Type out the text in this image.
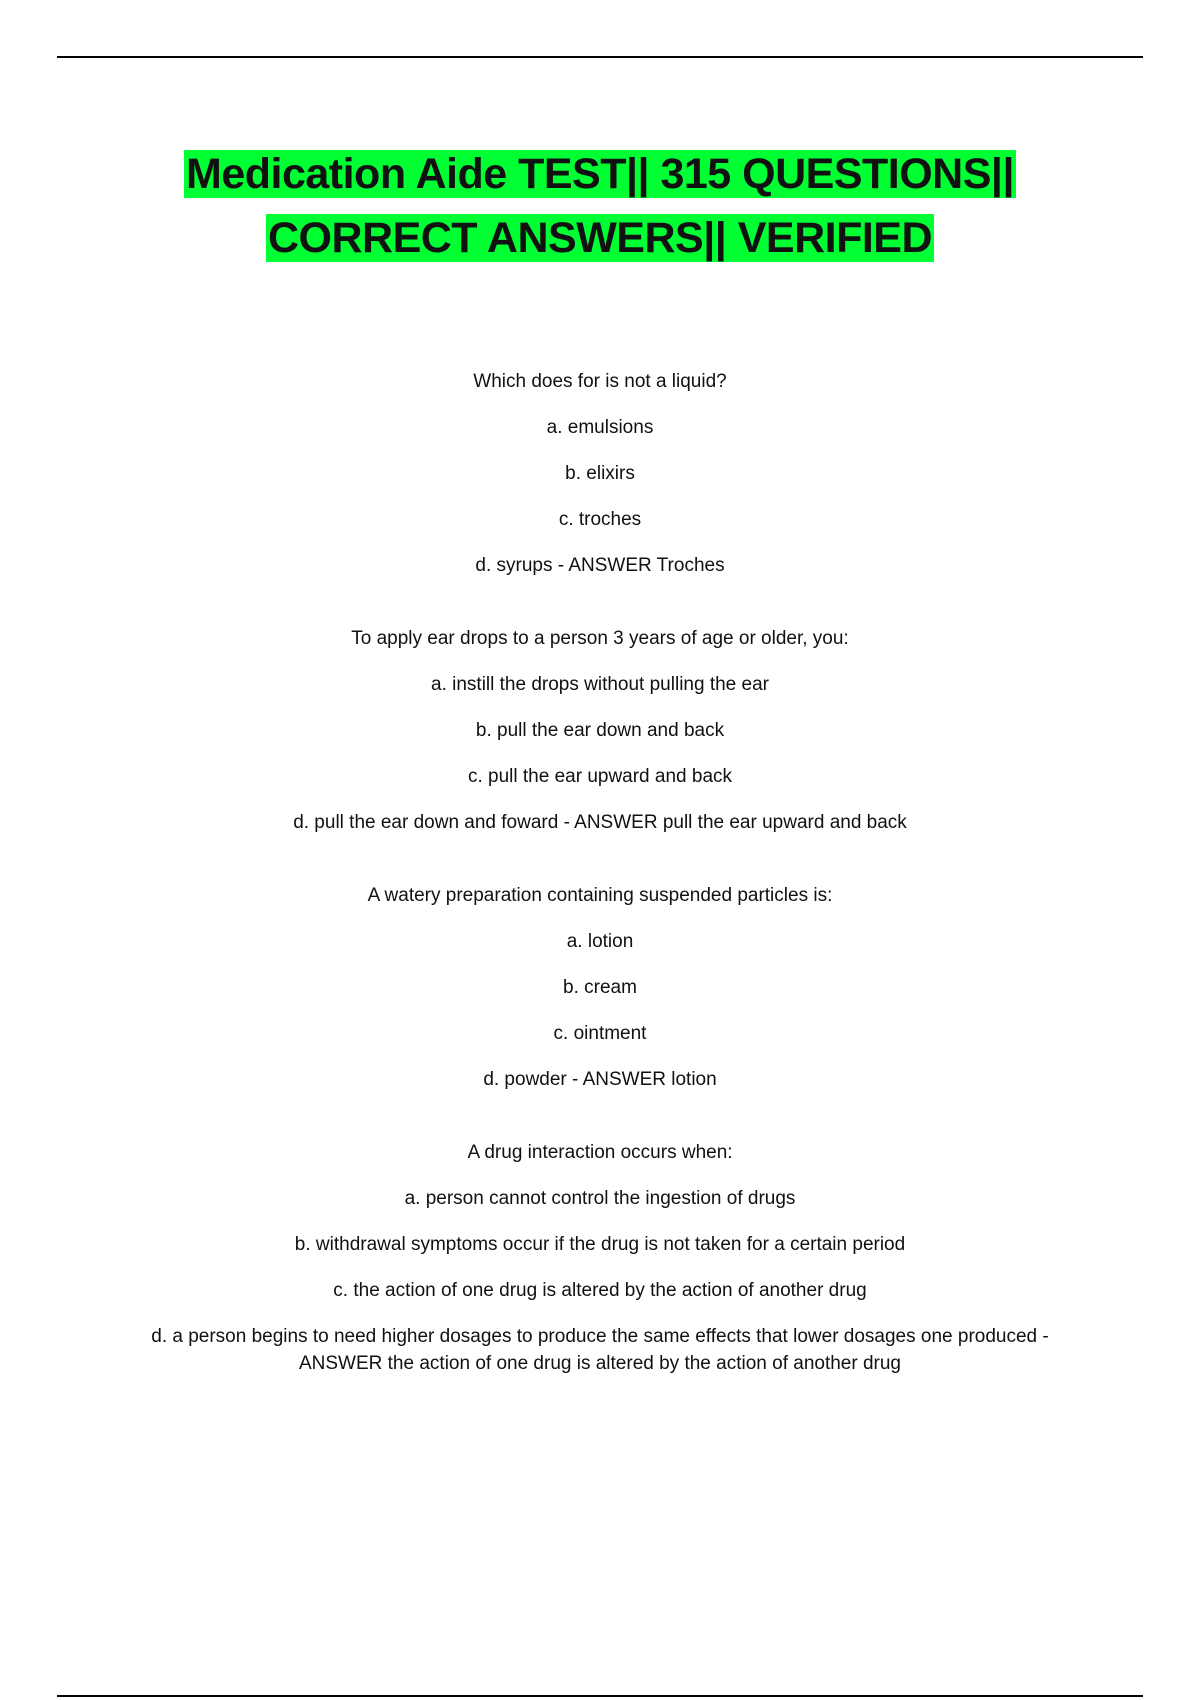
Medication Aide TEST|| 315 QUESTIONS||
CORRECT ANSWERS|| VERIFIED

Which does for is not a liquid?

a. emulsions

b. elixirs

c. troches

d. syrups - ANSWER Troches

To apply ear drops to a person 3 years of age or older, you:

a. instill the drops without pulling the ear

b. pull the ear down and back

c. pull the ear upward and back

d. pull the ear down and foward - ANSWER pull the ear upward and back

A watery preparation containing suspended particles is:

a. lotion

b. cream

c. ointment

d. powder - ANSWER lotion

A drug interaction occurs when:

a. person cannot control the ingestion of drugs

b. withdrawal symptoms occur if the drug is not taken for a certain period

c. the action of one drug is altered by the action of another drug

d. a person begins to need higher dosages to produce the same effects that lower dosages one produced - ANSWER the action of one drug is altered by the action of another drug
